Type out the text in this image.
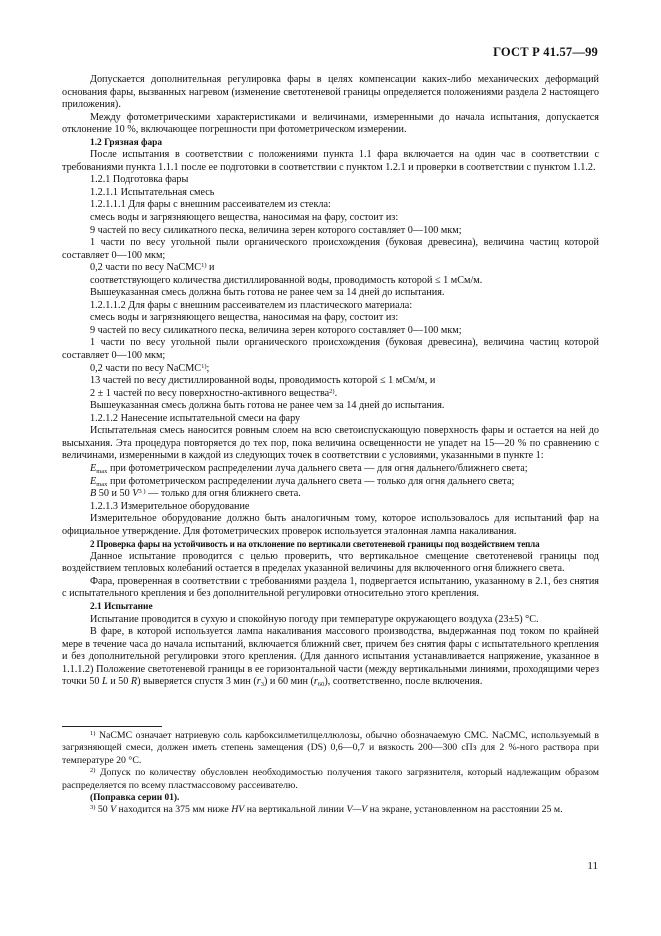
ГОСТ Р 41.57—99

Допускается дополнительная регулировка фары в целях компенсации каких-либо механических деформаций основания фары, вызванных нагревом (изменение светотеневой границы определяется положениями раздела 2 настоящего приложения).

Между фотометрическими характеристиками и величинами, измеренными до начала испытания, допускается отклонение 10 %, включающее погрешности при фотометрическом измерении.

1.2 Грязная фара

После испытания в соответствии с положениями пункта 1.1 фара включается на один час в соответствии с требованиями пункта 1.1.1 после ее подготовки в соответствии с пунктом 1.2.1 и проверки в соответствии с пунктом 1.1.2.

1.2.1 Подготовка фары

1.2.1.1 Испытательная смесь

1.2.1.1.1 Для фары с внешним рассеивателем из стекла:

смесь воды и загрязняющего вещества, наносимая на фару, состоит из:

9 частей по весу силикатного песка, величина зерен которого составляет 0—100 мкм;

1 части по весу угольной пыли органического происхождения (буковая древесина), величина частиц которой составляет 0—100 мкм;

0,2 части по весу NaCMC$^{1)}$ и

соответствующего количества дистиллированной воды, проводимость которой ≤ 1 мСм/м.

Вышеуказанная смесь должна быть готова не ранее чем за 14 дней до испытания.

1.2.1.1.2 Для фары с внешним рассеивателем из пластического материала:

смесь воды и загрязняющего вещества, наносимая на фару, состоит из:

9 частей по весу силикатного песка, величина зерен которого составляет 0—100 мкм;

1 части по весу угольной пыли органического происхождения (буковая древесина), величина частиц которой составляет 0—100 мкм;

0,2 части по весу NaCMC$^{1)}$;

13 частей по весу дистиллированной воды, проводимость которой ≤ 1 мСм/м, и

2 ± 1 частей по весу поверхностно-активного вещества$^{2)}$.

Вышеуказанная смесь должна быть готова не ранее чем за 14 дней до испытания.

1.2.1.2 Нанесение испытательной смеси на фару

Испытательная смесь наносится ровным слоем на всю светоиспускающую поверхность фары и остается на ней до высыхания. Эта процедура повторяется до тех пор, пока величина освещенности не упадет на 15—20 % по сравнению с величинами, измеренными в каждой из следующих точек в соответствии с условиями, указанными в пункте 1:

$E_{max}$ при фотометрическом распределении луча дальнего света — для огня дальнего/ближнего света;

$E_{max}$ при фотометрическом распределении луча дальнего света — только для огня дальнего света;

B 50 и 50 $V^{3 )}$ — только для огня ближнего света.

1.2.1.3 Измерительное оборудование

Измерительное оборудование должно быть аналогичным тому, которое использовалось для испытаний фар на официальное утверждение. Для фотометрических проверок используется эталонная лампа накаливания.

2 Проверка фары на устойчивость и на отклонение по вертикали светотеневой границы под воздействием тепла

Данное испытание проводится с целью проверить, что вертикальное смещение светотеневой границы под воздействием тепловых колебаний остается в пределах указанной величины для включенного огня ближнего света.

Фара, проверенная в соответствии с требованиями раздела 1, подвергается испытанию, указанному в 2.1, без снятия с испытательного крепления и без дополнительной регулировки относительно этого крепления.

2.1 Испытание

Испытание проводится в сухую и спокойную погоду при температуре окружающего воздуха (23±5) °С.

В фаре, в которой используется лампа накаливания массового производства, выдержанная под током по крайней мере в течение часа до начала испытаний, включается ближний свет, причем без снятия фары с испытательного крепления и без дополнительной регулировки этого крепления. (Для данного испытания устанавливается напряжение, указанное в 1.1.1.2) Положение светотеневой границы в ее горизонтальной части (между вертикальными линиями, проходящими через точки 50 L и 50 R) выверяется спустя 3 мин $(r_3)$ и 60 мин $(r_{60})$, соответственно, после включения.

$^{1)}$ NaCMC означает натриевую соль карбоксилметилцеллюлозы, обычно обозначаемую СМС. NaCMC, используемый в загрязняющей смеси, должен иметь степень замещения (DS) 0,6—0,7 и вязкость 200—300 сПз для 2 %-ного раствора при температуре 20 °С.

$^{2)}$ Допуск по количеству обусловлен необходимостью получения такого загрязнителя, который надлежащим образом распределяется по всему пластмассовому рассеивателю.

(Поправка серии 01).

$^{3)}$ 50 V находится на 375 мм ниже HV на вертикальной линии V—V на экране, установленном на расстоянии 25 м.

11
